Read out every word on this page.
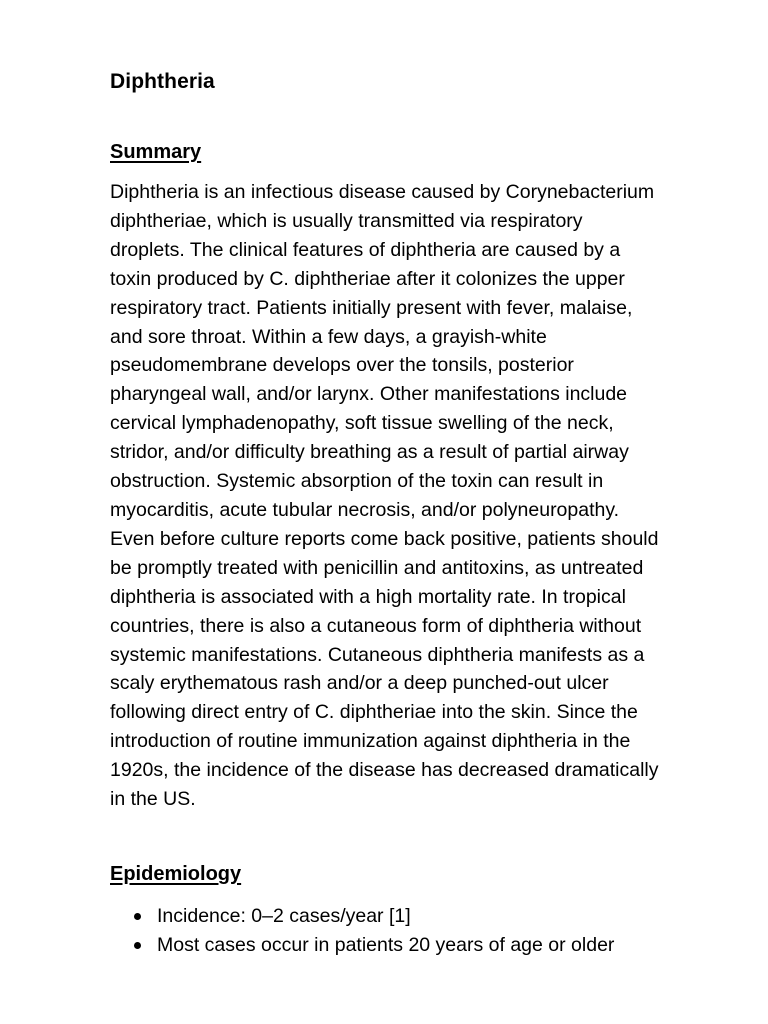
Diphtheria
Summary

Diphtheria is an infectious disease caused by Corynebacterium
diphtheriae, which is usually transmitted via respiratory
droplets. The clinical features of diphtheria are caused by a
toxin produced by C. diphtheriae after it colonizes the upper
respiratory tract. Patients initially present with fever, malaise,
and sore throat. Within a few days, a grayish-white
pseudomembrane develops over the tonsils, posterior
pharyngeal wall, and/or larynx. Other manifestations include
cervical lymphadenopathy, soft tissue swelling of the neck,
stridor, and/or difficulty breathing as a result of partial airway
obstruction. Systemic absorption of the toxin can result in
myocarditis, acute tubular necrosis, and/or polyneuropathy.
Even before culture reports come back positive, patients should
be promptly treated with penicillin and antitoxins, as untreated
diphtheria is associated with a high mortality rate. In tropical
countries, there is also a cutaneous form of diphtheria without
systemic manifestations. Cutaneous diphtheria manifests as a
scaly erythematous rash and/or a deep punched-out ulcer
following direct entry of C. diphtheriae into the skin. Since the
introduction of routine immunization against diphtheria in the
1920s, the incidence of the disease has decreased dramatically
in the US.

Epidemiology
Incidence: 0–2 cases/year [1]
Most cases occur in patients 20 years of age or older
